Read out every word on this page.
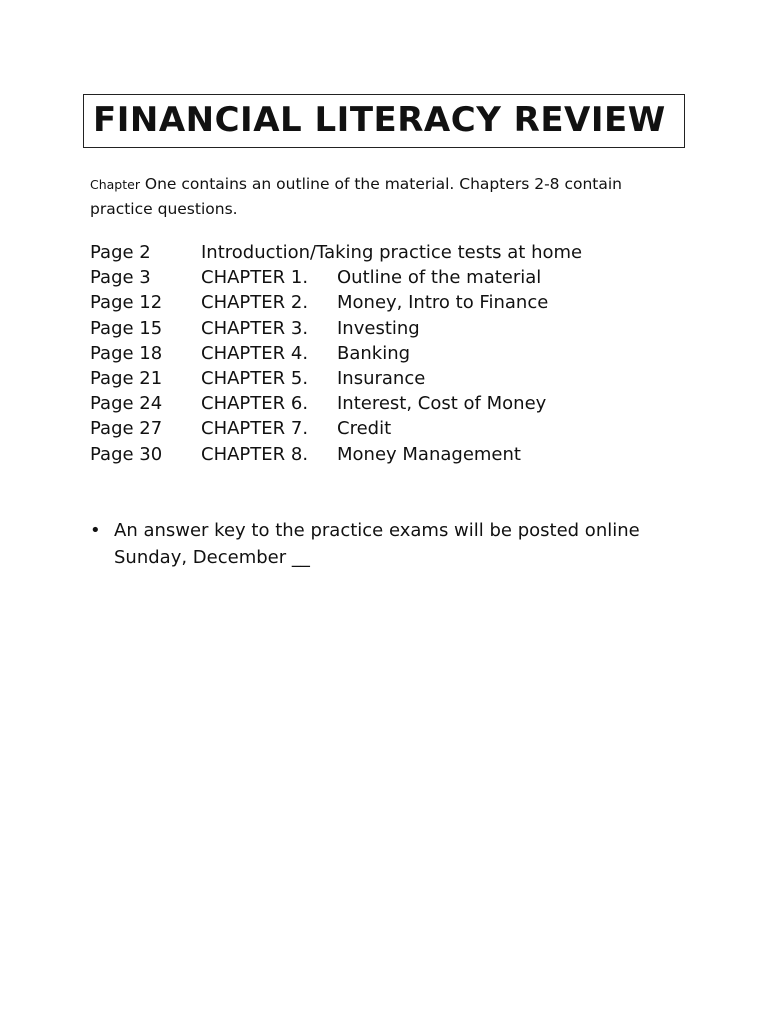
FINANCIAL LITERACY REVIEW

Chapter One contains an outline of the material. Chapters 2-8 contain practice questions.

Page 2	Introduction/Taking practice tests at home
Page 3	CHAPTER 1. Outline of the material
Page 12 CHAPTER 2. Money, Intro to Finance
Page 15 CHAPTER 3. Investing
Page 18 CHAPTER 4. Banking
Page 21 CHAPTER 5. Insurance
Page 24 CHAPTER 6. Interest, Cost of Money
Page 27 CHAPTER 7. Credit
Page 30 CHAPTER 8. Money Management
• An answer key to the practice exams will be posted online Sunday, December __
